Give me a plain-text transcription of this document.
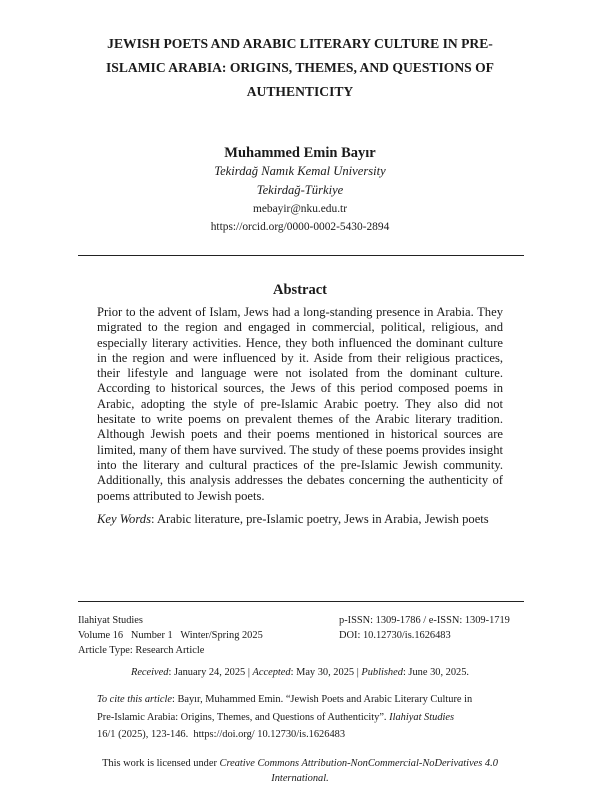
JEWISH POETS AND ARABIC LITERARY CULTURE IN PRE-
ISLAMIC ARABIA: ORIGINS, THEMES, AND QUESTIONS OF
AUTHENTICITY
Muhammed Emin Bayır
Tekirdağ Namık Kemal University
Tekirdağ-Türkiye
mebayir@nku.edu.tr
https://orcid.org/0000-0002-5430-2894
Abstract

Prior to the advent of Islam, Jews had a long-standing presence in Arabia. They migrated to the region and engaged in commercial, political, religious, and especially literary activities. Hence, they both influenced the dominant culture in the region and were influenced by it. Aside from their religious practices, their lifestyle and language were not isolated from the dominant culture. According to historical sources, the Jews of this period composed poems in Arabic, adopting the style of pre-Islamic Arabic poetry. They also did not hesitate to write poems on prevalent themes of the Arabic literary tradition. Although Jewish poets and their poems mentioned in historical sources are limited, many of them have survived. The study of these poems provides insight into the literary and cultural practices of the pre-Islamic Jewish community. Additionally, this analysis addresses the debates concerning the authenticity of poems attributed to Jewish poets.

Key Words: Arabic literature, pre-Islamic poetry, Jews in Arabia, Jewish poets

Ilahiyat Studies
Volume 16   Number 1   Winter/Spring 2025
Article Type: Research Article
p-ISSN: 1309-1786 / e-ISSN: 1309-1719
DOI: 10.12730/is.1626483
Received: January 24, 2025 | Accepted: May 30, 2025 | Published: June 30, 2025.
To cite this article: Bayır, Muhammed Emin. “Jewish Poets and Arabic Literary Culture in
Pre-Islamic Arabia: Origins, Themes, and Questions of Authenticity”. Ilahiyat Studies
16/1 (2025), 123-146.  https://doi.org/ 10.12730/is.1626483
This work is licensed under Creative Commons Attribution-NonCommercial-NoDerivatives 4.0
International.
